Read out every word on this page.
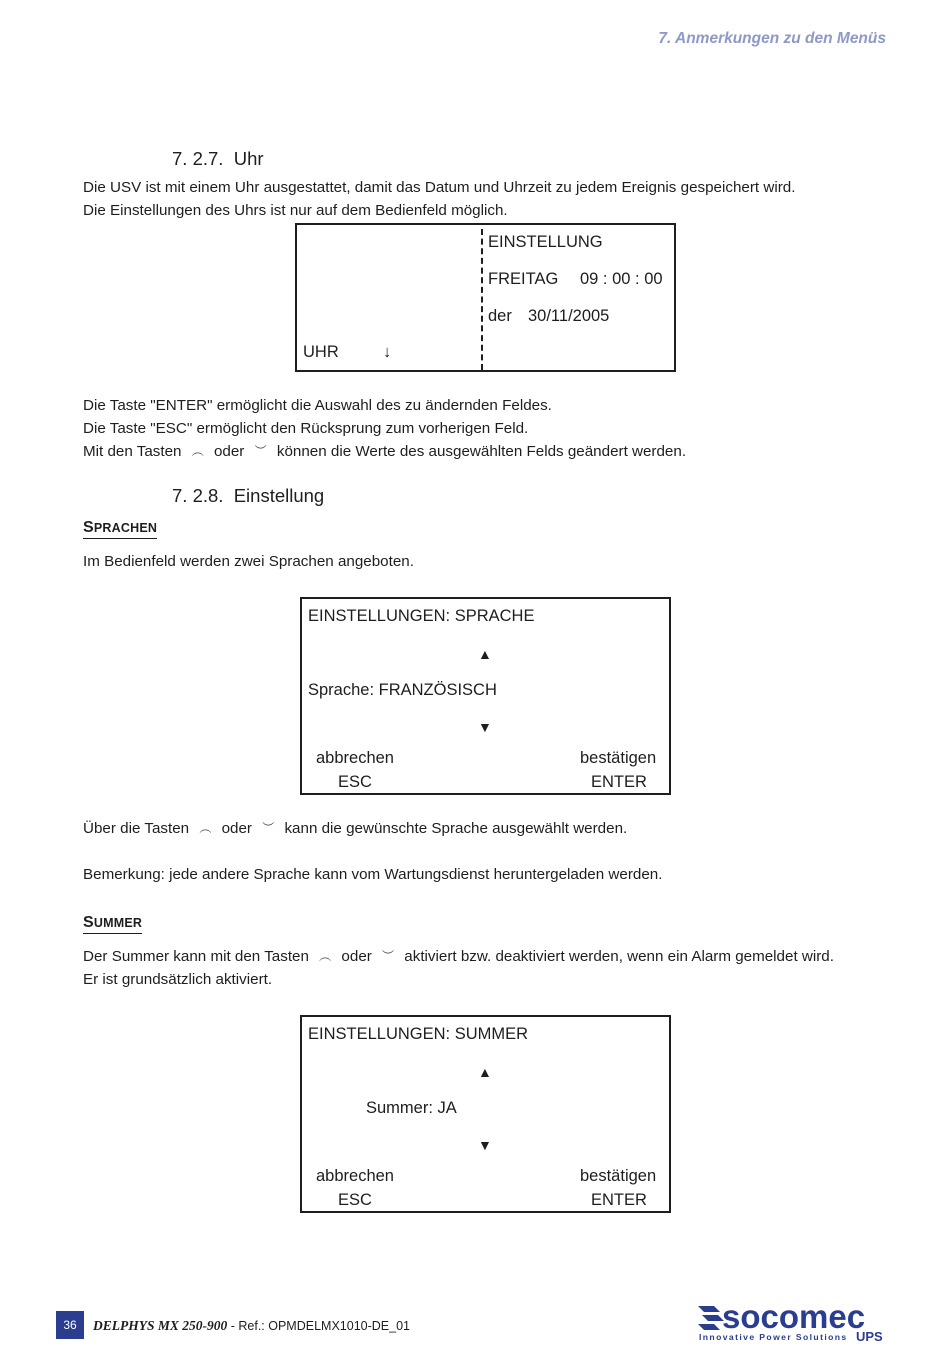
7. Anmerkungen zu den Menüs
7. 2.7. Uhr
Die USV ist mit einem Uhr ausgestattet, damit das Datum und Uhrzeit zu jedem Ereignis gespeichert wird.
Die Einstellungen des Uhrs ist nur auf dem Bedienfeld möglich.
UHR	↓
EINSTELLUNG
FREITAG 09 : 00 : 00
der 30/11/2005
Die Taste "ENTER" ermöglicht die Auswahl des zu ändernden Feldes.
Die Taste "ESC" ermöglicht den Rücksprung zum vorherigen Feld.
Mit den Tasten ︵ oder ︶ können die Werte des ausgewählten Felds geändert werden.
7. 2.8. Einstellung
SPRACHEN
Im Bedienfeld werden zwei Sprachen angeboten.
EINSTELLUNGEN: SPRACHE
▲
Sprache: FRANZÖSISCH
▼
abbrechen
ESC
bestätigen
ENTER
Über die Tasten ︵ oder ︶ kann die gewünschte Sprache ausgewählt werden.
Bemerkung: jede andere Sprache kann vom Wartungsdienst heruntergeladen werden.
SUMMER
Der Summer kann mit den Tasten ︵ oder ︶ aktiviert bzw. deaktiviert werden, wenn ein Alarm gemeldet wird.
Er ist grundsätzlich aktiviert.
EINSTELLUNGEN: SUMMER
▲
Summer: JA
▼
abbrechen
ESC
bestätigen
ENTER
36	DELPHYS MX 250-900 - Ref.: OPMDELMX1010-DE_01	socomec
Innovative Power Solutions UPS
